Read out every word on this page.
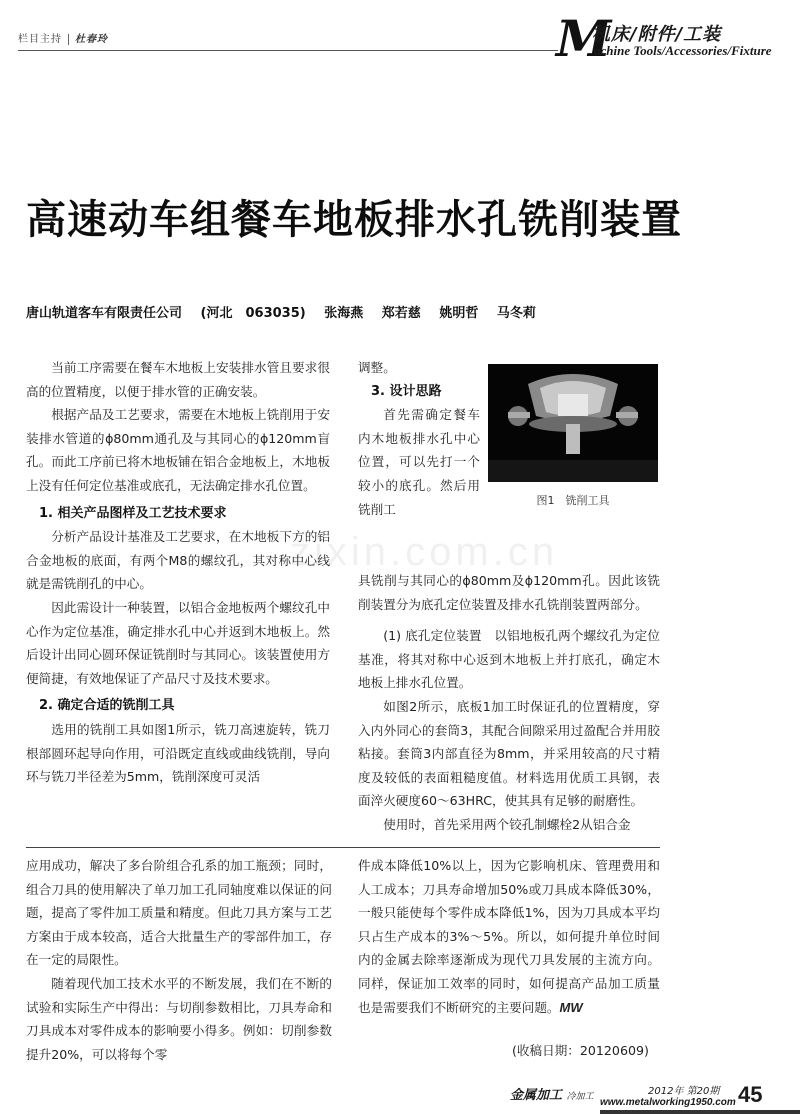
栏目主持 杜春玲	M
机床/附件/工装
achine Tools/Accessories/Fixture
zixin.com.cn
高速动车组餐车地板排水孔铣削装置
唐山轨道客车有限责任公司 (河北　063035) 张海燕 郑若慈 姚明哲 马冬莉

当前工序需要在餐车木地板上安装排水管且要求很高的位置精度，以便于排水管的正确安装。

根据产品及工艺要求，需要在木地板上铣削用于安装排水管道的ϕ80mm通孔及与其同心的ϕ120mm盲孔。而此工序前已将木地板铺在铝合金地板上，木地板上没有任何定位基准或底孔，无法确定排水孔位置。

1. 相关产品图样及工艺技术要求

分析产品设计基准及工艺要求，在木地板下方的铝合金地板的底面，有两个M8的螺纹孔，其对称中心线就是需铣削孔的中心。

因此需设计一种装置，以铝合金地板两个螺纹孔中心作为定位基准，确定排水孔中心并返到木地板上。然后设计出同心圆环保证铣削时与其同心。该装置使用方便简捷，有效地保证了产品尺寸及技术要求。

2. 确定合适的铣削工具

选用的铣削工具如图1所示，铣刀高速旋转，铣刀根部圆环起导向作用，可沿既定直线或曲线铣削，导向环与铣刀半径差为5mm，铣削深度可灵活

调整。

3. 设计思路

首先需确定餐车内木地板排水孔中心位置，可以先打一个较小的底孔。然后用铣削工

图1　铣削工具

具铣削与其同心的ϕ80mm及ϕ120mm孔。因此该铣削装置分为底孔定位装置及排水孔铣削装置两部分。

(1) 底孔定位装置　以铝地板孔两个螺纹孔为定位基准，将其对称中心返到木地板上并打底孔，确定木地板上排水孔位置。

如图2所示，底板1加工时保证孔的位置精度，穿入内外同心的套筒3，其配合间隙采用过盈配合并用胶粘接。套筒3内部直径为8mm，并采用较高的尺寸精度及较低的表面粗糙度值。材料选用优质工具钢，表面淬火硬度60～63HRC，使其具有足够的耐磨性。

使用时，首先采用两个铰孔制螺栓2从铝合金

应用成功，解决了多台阶组合孔系的加工瓶颈；同时，组合刀具的使用解决了单刀加工孔同轴度难以保证的问题，提高了零件加工质量和精度。但此刀具方案与工艺方案由于成本较高，适合大批量生产的零部件加工，存在一定的局限性。

随着现代加工技术水平的不断发展，我们在不断的试验和实际生产中得出：与切削参数相比，刀具寿命和刀具成本对零件成本的影响要小得多。例如：切削参数提升20%，可以将每个零

件成本降低10%以上，因为它影响机床、管理费用和人工成本；刀具寿命增加50%或刀具成本降低30%，一般只能使每个零件成本降低1%，因为刀具成本平均只占生产成本的3%～5%。所以，如何提升单位时间内的金属去除率逐渐成为现代刀具发展的主流方向。同样，保证加工效率的同时，如何提高产品加工质量也是需要我们不断研究的主要问题。MW

(收稿日期：20120609)
金属加工 冷加工	2012年 第20期
www.metalworking1950.com 45
